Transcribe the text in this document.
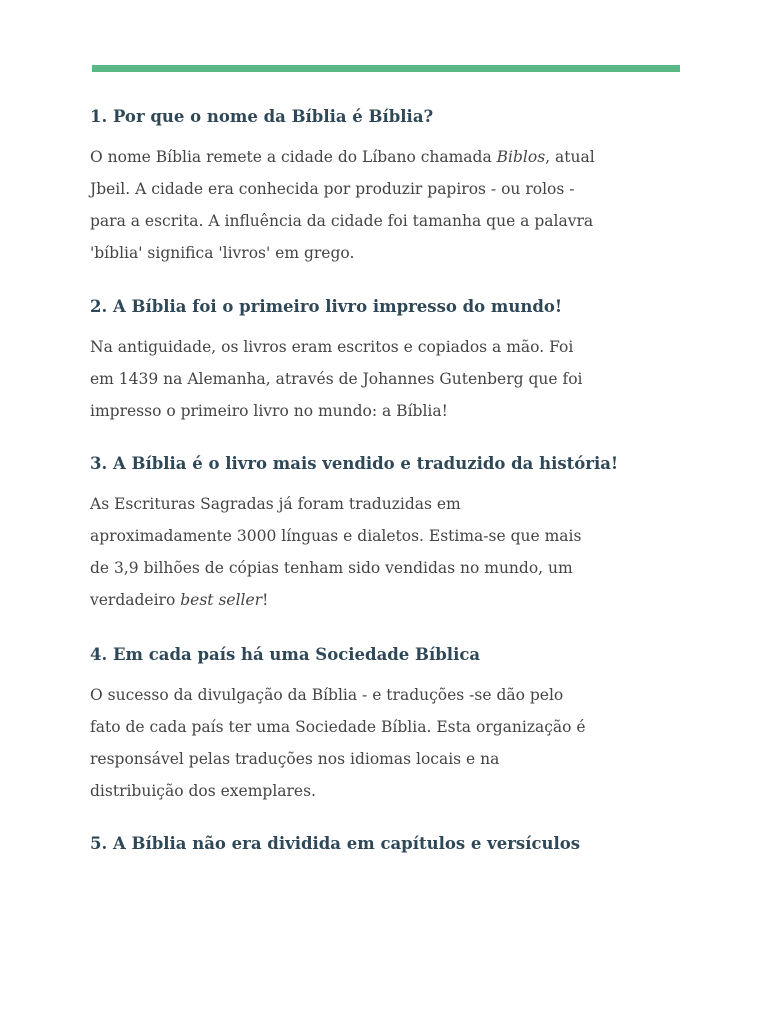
1. Por que o nome da Bíblia é Bíblia?

O nome Bíblia remete a cidade do Líbano chamada Biblos, atual
Jbeil. A cidade era conhecida por produzir papiros - ou rolos -
para a escrita. A influência da cidade foi tamanha que a palavra
'bíblia' significa 'livros' em grego.

2. A Bíblia foi o primeiro livro impresso do mundo!

Na antiguidade, os livros eram escritos e copiados a mão. Foi
em 1439 na Alemanha, através de Johannes Gutenberg que foi
impresso o primeiro livro no mundo: a Bíblia!

3. A Bíblia é o livro mais vendido e traduzido da história!

As Escrituras Sagradas já foram traduzidas em
aproximadamente 3000 línguas e dialetos. Estima-se que mais
de 3,9 bilhões de cópias tenham sido vendidas no mundo, um
verdadeiro best seller!

4. Em cada país há uma Sociedade Bíblica

O sucesso da divulgação da Bíblia - e traduções -se dão pelo
fato de cada país ter uma Sociedade Bíblia. Esta organização é
responsável pelas traduções nos idiomas locais e na
distribuição dos exemplares.

5. A Bíblia não era dividida em capítulos e versículos
